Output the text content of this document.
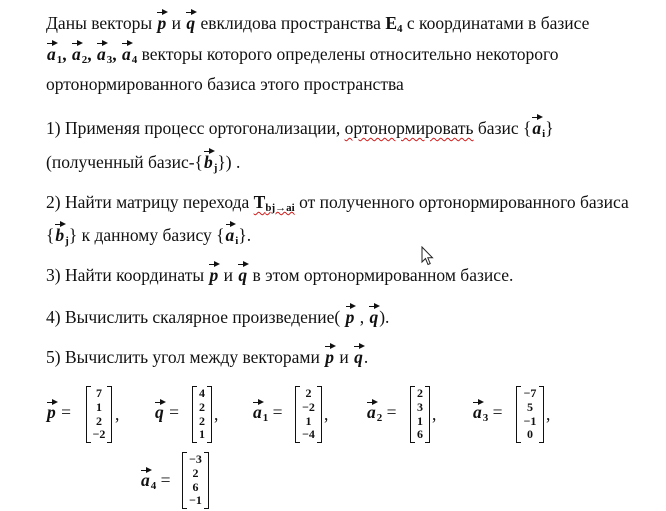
Даны векторы p и q евклидова пространства $E_4$ с координатами в базисе
$a_1$, $a_2$, $a_3$, $a_4$ векторы которого определены относительно некоторого
ортонормированного базиса этого пространства
1) Применяя процесс ортогонализации, ортонормировать базис $\{a_i\}$
(полученный базис-$\{b_j\}$) .
2) Найти матрицу перехода $T_{bj\to ai}$ от полученного ортонормированного базиса
$\{b_j\}$ к данному базису $\{a_i\}$.
3) Найти координаты p и q в этом ортонормированном базисе.
4) Вычислить скалярное произведение( p , q).
5) Вычислить угол между векторами p и q.
p =
7
1
2
−2
, q =
4
2
2
1
, $a_1$ =
2
−2
1
−4
, $a_2$ =
2
3
1
6
, $a_3$ =
−7
5
−1
0
,
$a_4$ =
−3
2
6
−1
